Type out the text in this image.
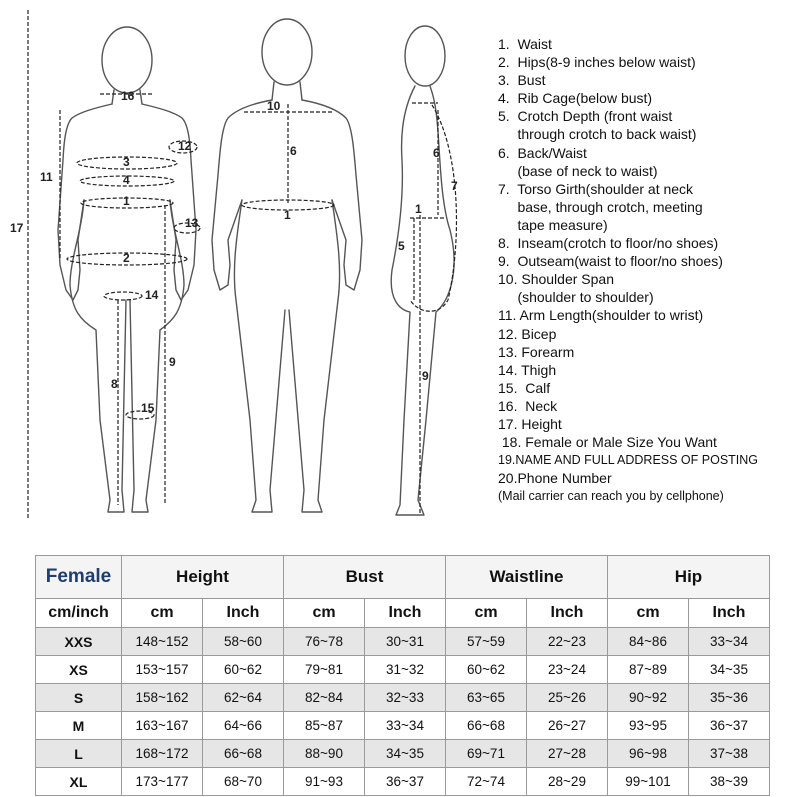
16
3
4
1
2
14
15
8
9
12
13
11
17
10
6
1
6
7
1
5
9
1.  Waist
2.  Hips(8-9 inches below waist)
3.  Bust
4.  Rib Cage(below bust)
5.  Crotch Depth (front waist
through crotch to back waist)
6.  Back/Waist
(base of neck to waist)
7.  Torso Girth(shoulder at neck
base, through crotch, meeting
tape measure)
8.  Inseam(crotch to floor/no shoes)
9.  Outseam(waist to floor/no shoes)
10. Shoulder Span
(shoulder to shoulder)
11. Arm Length(shoulder to wrist)
12. Bicep
13. Forearm
14. Thigh
15.  Calf
16.  Neck
17. Height
18. Female or Male Size You Want
19.NAME AND FULL ADDRESS OF POSTING
20.Phone Number
(Mail carrier can reach you by cellphone)
Female	Height		Bust		Waistline		Hip	
cm/inch	cm	Inch	cm	Inch	cm	Inch	cm	Inch
XXS	148~152	58~60	76~78	30~31	57~59	22~23	84~86	33~34
XS	153~157	60~62	79~81	31~32	60~62	23~24	87~89	34~35
S	158~162	62~64	82~84	32~33	63~65	25~26	90~92	35~36
M	163~167	64~66	85~87	33~34	66~68	26~27	93~95	36~37
L	168~172	66~68	88~90	34~35	69~71	27~28	96~98	37~38
XL	173~177	68~70	91~93	36~37	72~74	28~29	99~101	38~39
